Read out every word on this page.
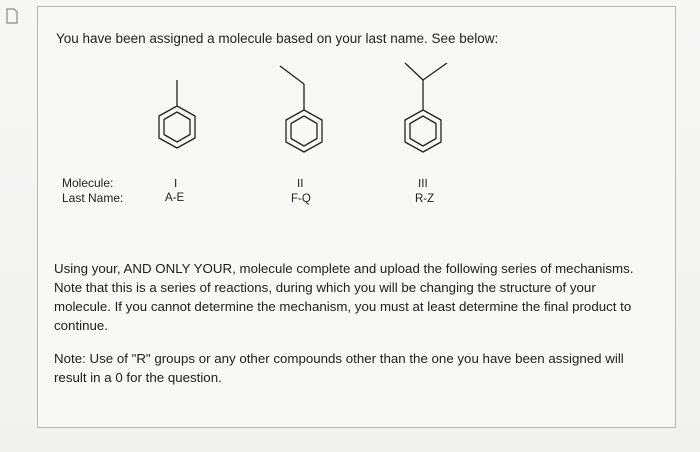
You have been assigned a molecule based on your last name. See below:
Molecule:
Last Name:
I
A-E
II
F-Q
III
R-Z
Using your, AND ONLY YOUR, molecule complete and upload the following series of mechanisms.
Note that this is a series of reactions, during which you will be changing the structure of your
molecule. If you cannot determine the mechanism, you must at least determine the final product to
continue.
Note: Use of "R" groups or any other compounds other than the one you have been assigned will
result in a 0 for the question.
